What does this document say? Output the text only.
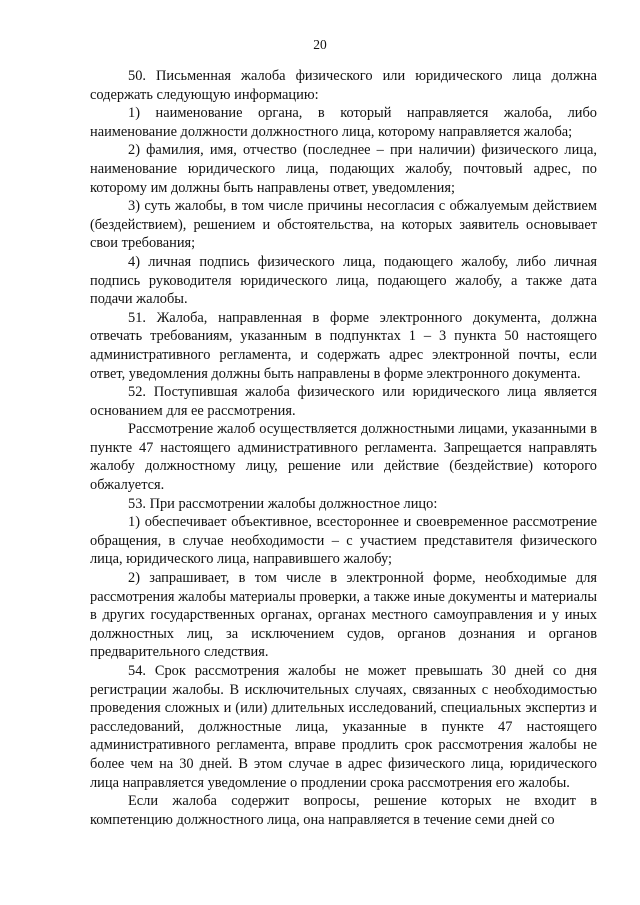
20

50. Письменная жалоба физического или юридического лица должна содержать следующую информацию:

1) наименование органа, в который направляется жалоба, либо наименование должности должностного лица, которому направляется жалоба;

2) фамилия, имя, отчество (последнее – при наличии) физического лица, наименование юридического лица, подающих жалобу, почтовый адрес, по которому им должны быть направлены ответ, уведомления;

3) суть жалобы, в том числе причины несогласия с обжалуемым действием (бездействием), решением и обстоятельства, на которых заявитель основывает свои требования;

4) личная подпись физического лица, подающего жалобу, либо личная подпись руководителя юридического лица, подающего жалобу, а также дата подачи жалобы.

51. Жалоба, направленная в форме электронного документа, должна отвечать требованиям, указанным в подпунктах 1 – 3 пункта 50 настоящего административного регламента, и содержать адрес электронной почты, если ответ, уведомления должны быть направлены в форме электронного документа.

52. Поступившая жалоба физического или юридического лица является основанием для ее рассмотрения.

Рассмотрение жалоб осуществляется должностными лицами, указанными в пункте 47 настоящего административного регламента. Запрещается направлять жалобу должностному лицу, решение или действие (бездействие) которого обжалуется.

53. При рассмотрении жалобы должностное лицо:

1) обеспечивает объективное, всестороннее и своевременное рассмотрение обращения, в случае необходимости – с участием представителя физического лица, юридического лица, направившего жалобу;

2) запрашивает, в том числе в электронной форме, необходимые для рассмотрения жалобы материалы проверки, а также иные документы и материалы в других государственных органах, органах местного самоуправления и у иных должностных лиц, за исключением судов, органов дознания и органов предварительного следствия.

54. Срок рассмотрения жалобы не может превышать 30 дней со дня регистрации жалобы. В исключительных случаях, связанных с необходимостью проведения сложных и (или) длительных исследований, специальных экспертиз и расследований, должностные лица, указанные в пункте 47 настоящего административного регламента, вправе продлить срок рассмотрения жалобы не более чем на 30 дней. В этом случае в адрес физического лица, юридического лица направляется уведомление о продлении срока рассмотрения его жалобы.

Если жалоба содержит вопросы, решение которых не входит в компетенцию должностного лица, она направляется в течение семи дней со
